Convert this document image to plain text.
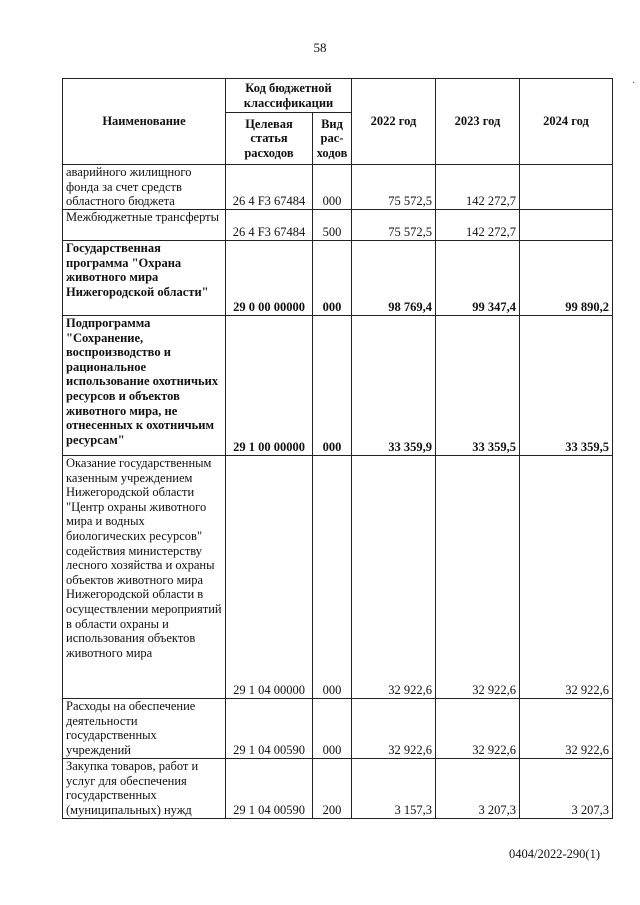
58
·
Наименование	Код бюджетной классификации		2022 год	2023 год	2024 год
	Целевая статья расходов	Вид рас-ходов			
аварийного жилищного фонда за счет средств областного бюджета	26 4 F3 67484	000	75 572,5	142 272,7	
Межбюджетные трансферты	26 4 F3 67484	500	75 572,5	142 272,7	
Государственная программа "Охрана животного мира Нижегородской области"	29 0 00 00000	000	98 769,4	99 347,4	99 890,2
Подпрограмма "Сохранение, воспроизводство и рациональное использование охотничьих ресурсов и объектов животного мира, не отнесенных к охотничьим ресурсам"	29 1 00 00000	000	33 359,9	33 359,5	33 359,5
Оказание государственным казенным учреждением Нижегородской области "Центр охраны животного мира и водных биологических ресурсов" содействия министерству лесного хозяйства и охраны объектов животного мира Нижегородской области в осуществлении мероприятий в области охраны и использования объектов животного мира	29 1 04 00000	000	32 922,6	32 922,6	32 922,6
Расходы на обеспечение деятельности государственных учреждений	29 1 04 00590	000	32 922,6	32 922,6	32 922,6
Закупка товаров, работ и услуг для обеспечения государственных (муниципальных) нужд	29 1 04 00590	200	3 157,3	3 207,3	3 207,3
0404/2022-290(1)
